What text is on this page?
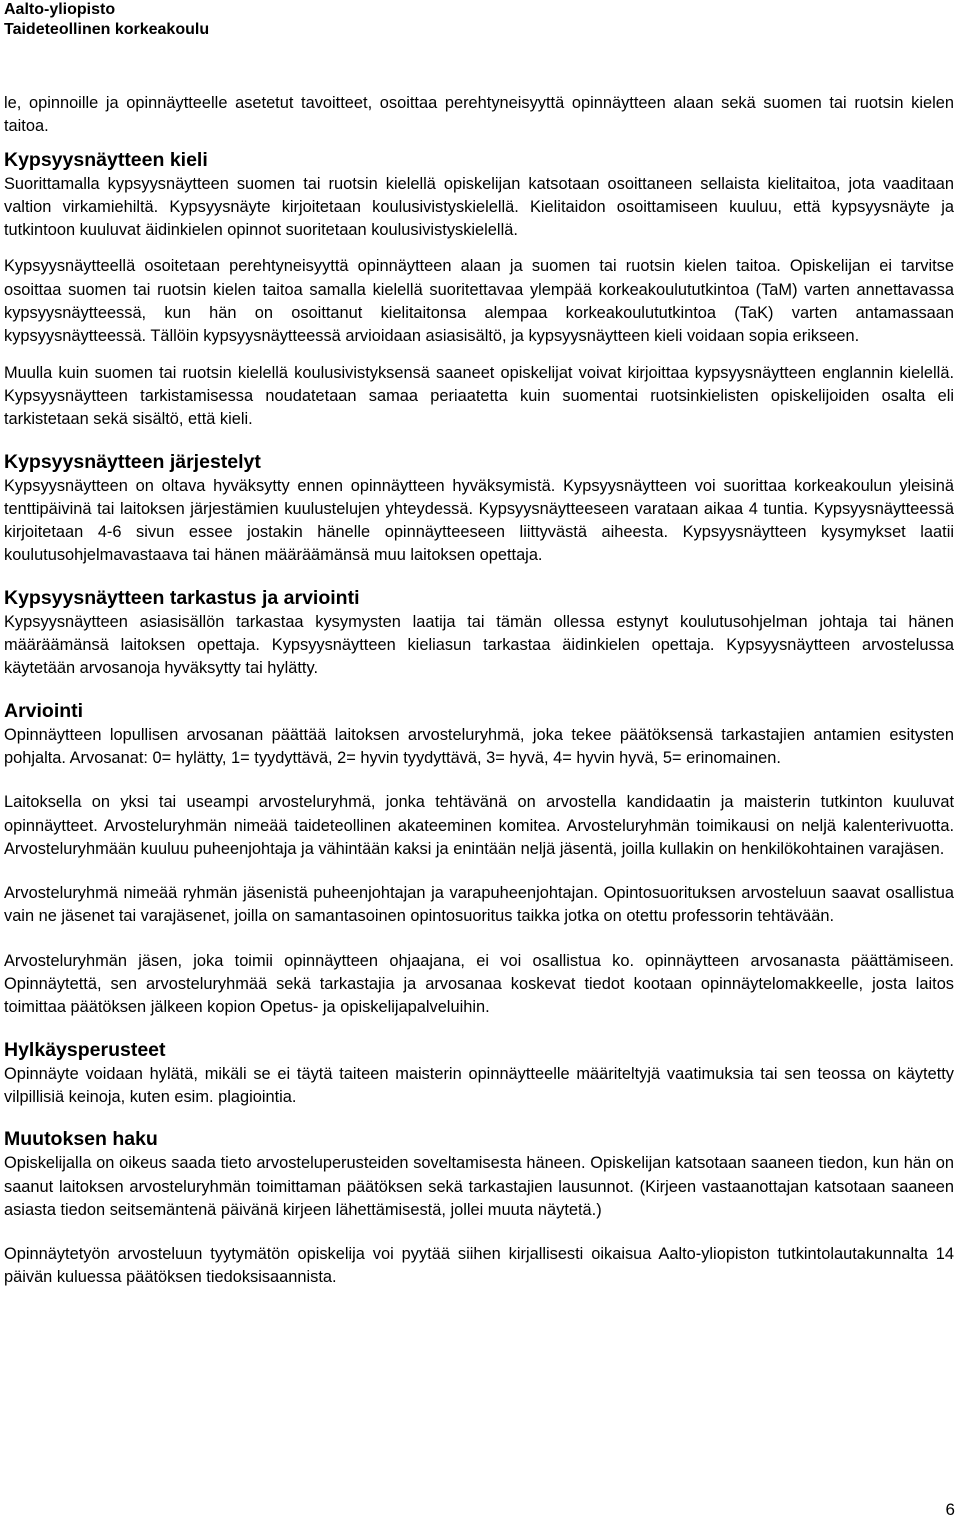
Aalto-yliopisto
Taideteollinen korkeakoulu

le, opinnoille ja opinnäytteelle asetetut tavoitteet, osoittaa perehtyneisyyttä opinnäytteen alaan sekä suomen tai ruotsin kielen taitoa.

Kypsyysnäytteen kieli

Suorittamalla kypsyysnäytteen suomen tai ruotsin kielellä opiskelijan katsotaan osoittaneen sellaista kielitaitoa, jota vaaditaan valtion virkamiehiltä. Kypsyysnäyte kirjoitetaan koulusivistyskielellä. Kielitaidon osoittamiseen kuuluu, että kypsyysnäyte ja tutkintoon kuuluvat äidinkielen opinnot suoritetaan koulusivistyskielellä.

Kypsyysnäytteellä osoitetaan perehtyneisyyttä opinnäytteen alaan ja suomen tai ruotsin kielen taitoa. Opiskelijan ei tarvitse osoittaa suomen tai ruotsin kielen taitoa samalla kielellä suoritettavaa ylempää korkeakoulututkintoa (TaM) varten annettavassa kypsyysnäytteessä, kun hän on osoittanut kielitaitonsa alempaa korkeakoulututkintoa (TaK) varten antamassaan kypsyysnäytteessä. Tällöin kypsyysnäytteessä arvioidaan asiasisältö, ja kypsyysnäytteen kieli voidaan sopia erikseen.

Muulla kuin suomen tai ruotsin kielellä koulusivistyksensä saaneet opiskelijat voivat kirjoittaa kypsyysnäytteen englannin kielellä. Kypsyysnäytteen tarkistamisessa noudatetaan samaa periaatetta kuin suomentai ruotsinkielisten opiskelijoiden osalta eli tarkistetaan sekä sisältö, että kieli.

Kypsyysnäytteen järjestelyt

Kypsyysnäytteen on oltava hyväksytty ennen opinnäytteen hyväksymistä. Kypsyysnäytteen voi suorittaa korkeakoulun yleisinä tenttipäivinä tai laitoksen järjestämien kuulustelujen yhteydessä. Kypsyysnäytteeseen varataan aikaa 4 tuntia. Kypsyysnäytteessä kirjoitetaan 4-6 sivun essee jostakin hänelle opinnäytteeseen liittyvästä aiheesta. Kypsyysnäytteen kysymykset laatii koulutusohjelmavastaava tai hänen määräämänsä muu laitoksen opettaja.

Kypsyysnäytteen tarkastus ja arviointi

Kypsyysnäytteen asiasisällön tarkastaa kysymysten laatija tai tämän ollessa estynyt koulutusohjelman johtaja tai hänen määräämänsä laitoksen opettaja. Kypsyysnäytteen kieliasun tarkastaa äidinkielen opettaja. Kypsyysnäytteen arvostelussa käytetään arvosanoja hyväksytty tai hylätty.

Arviointi

Opinnäytteen lopullisen arvosanan päättää laitoksen arvosteluryhmä, joka tekee päätöksensä tarkastajien antamien esitysten pohjalta. Arvosanat: 0= hylätty, 1= tyydyttävä, 2= hyvin tyydyttävä, 3= hyvä, 4= hyvin hyvä, 5= erinomainen.

Laitoksella on yksi tai useampi arvosteluryhmä, jonka tehtävänä on arvostella kandidaatin ja maisterin tutkinton kuuluvat opinnäytteet. Arvosteluryhmän nimeää taideteollinen akateeminen komitea. Arvosteluryhmän toimikausi on neljä kalenterivuotta. Arvosteluryhmään kuuluu puheenjohtaja ja vähintään kaksi ja enintään neljä jäsentä, joilla kullakin on henkilökohtainen varajäsen.

Arvosteluryhmä nimeää ryhmän jäsenistä puheenjohtajan ja varapuheenjohtajan. Opintosuorituksen arvosteluun saavat osallistua vain ne jäsenet tai varajäsenet, joilla on samantasoinen opintosuoritus taikka jotka on otettu professorin tehtävään.

Arvosteluryhmän jäsen, joka toimii opinnäytteen ohjaajana, ei voi osallistua ko. opinnäytteen arvosanasta päättämiseen. Opinnäytettä, sen arvosteluryhmää sekä tarkastajia ja arvosanaa koskevat tiedot kootaan opinnäytelomakkeelle, josta laitos toimittaa päätöksen jälkeen kopion Opetus- ja opiskelijapalveluihin.

Hylkäysperusteet

Opinnäyte voidaan hylätä, mikäli se ei täytä taiteen maisterin opinnäytteelle määriteltyjä vaatimuksia tai sen teossa on käytetty vilpillisiä keinoja, kuten esim. plagiointia.

Muutoksen haku

Opiskelijalla on oikeus saada tieto arvosteluperusteiden soveltamisesta häneen. Opiskelijan katsotaan saaneen tiedon, kun hän on saanut laitoksen arvosteluryhmän toimittaman päätöksen sekä tarkastajien lausunnot. (Kirjeen vastaanottajan katsotaan saaneen asiasta tiedon seitsemäntenä päivänä kirjeen lähettämisestä, jollei muuta näytetä.)

Opinnäytetyön arvosteluun tyytymätön opiskelija voi pyytää siihen kirjallisesti oikaisua Aalto-yliopiston tutkintolautakunnalta 14 päivän kuluessa päätöksen tiedoksisaannista.

6
